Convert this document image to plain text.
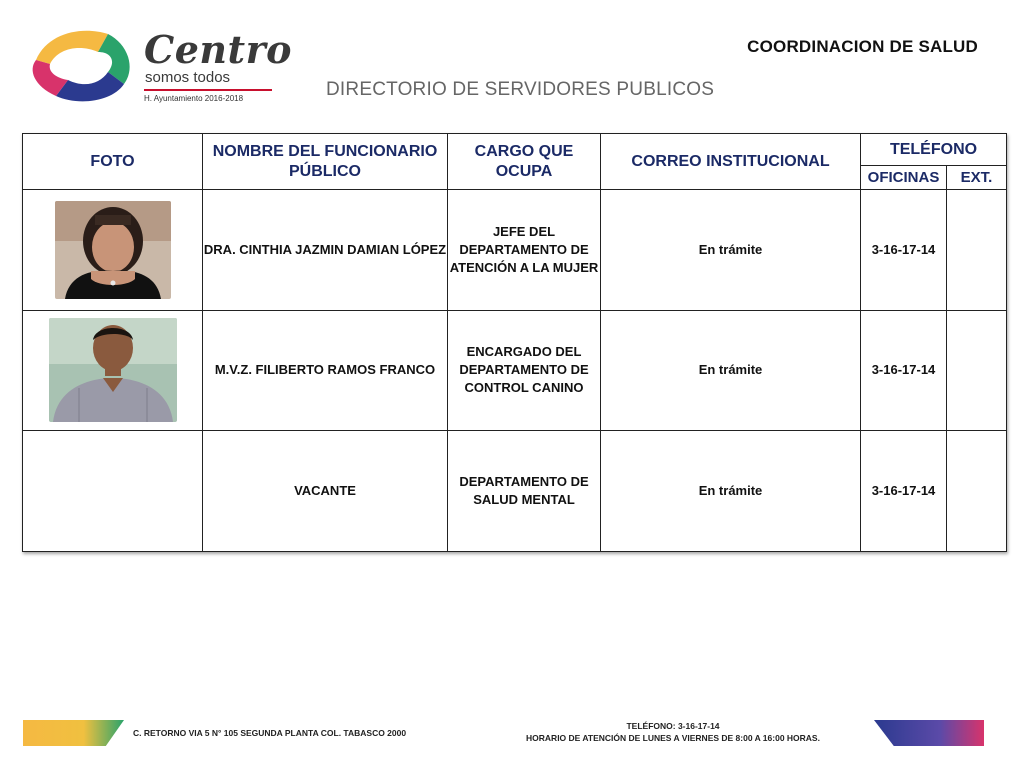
Centro
somos todos
H. Ayuntamiento 2016-2018
COORDINACION DE SALUD
DIRECTORIO DE SERVIDORES PUBLICOS
FOTO	NOMBRE DEL FUNCIONARIO PÚBLICO	CARGO QUE OCUPA	CORREO INSTITUCIONAL	TELÉFONO	
				OFICINAS	EXT.

	DRA. CINTHIA JAZMIN DAMIAN LÓPEZ	JEFE DEL DEPARTAMENTO DE ATENCIÓN A LA MUJER	En trámite	3-16-17-14	

	M.V.Z. FILIBERTO RAMOS FRANCO	ENCARGADO DEL DEPARTAMENTO DE CONTROL CANINO	En trámite	3-16-17-14	
	VACANTE	DEPARTAMENTO DE SALUD MENTAL	En trámite	3-16-17-14	
C. RETORNO VIA 5 N° 105 SEGUNDA PLANTA COL. TABASCO 2000
TELÉFONO: 3-16-17-14
HORARIO DE ATENCIÓN DE LUNES A VIERNES DE 8:00 A 16:00 HORAS.
